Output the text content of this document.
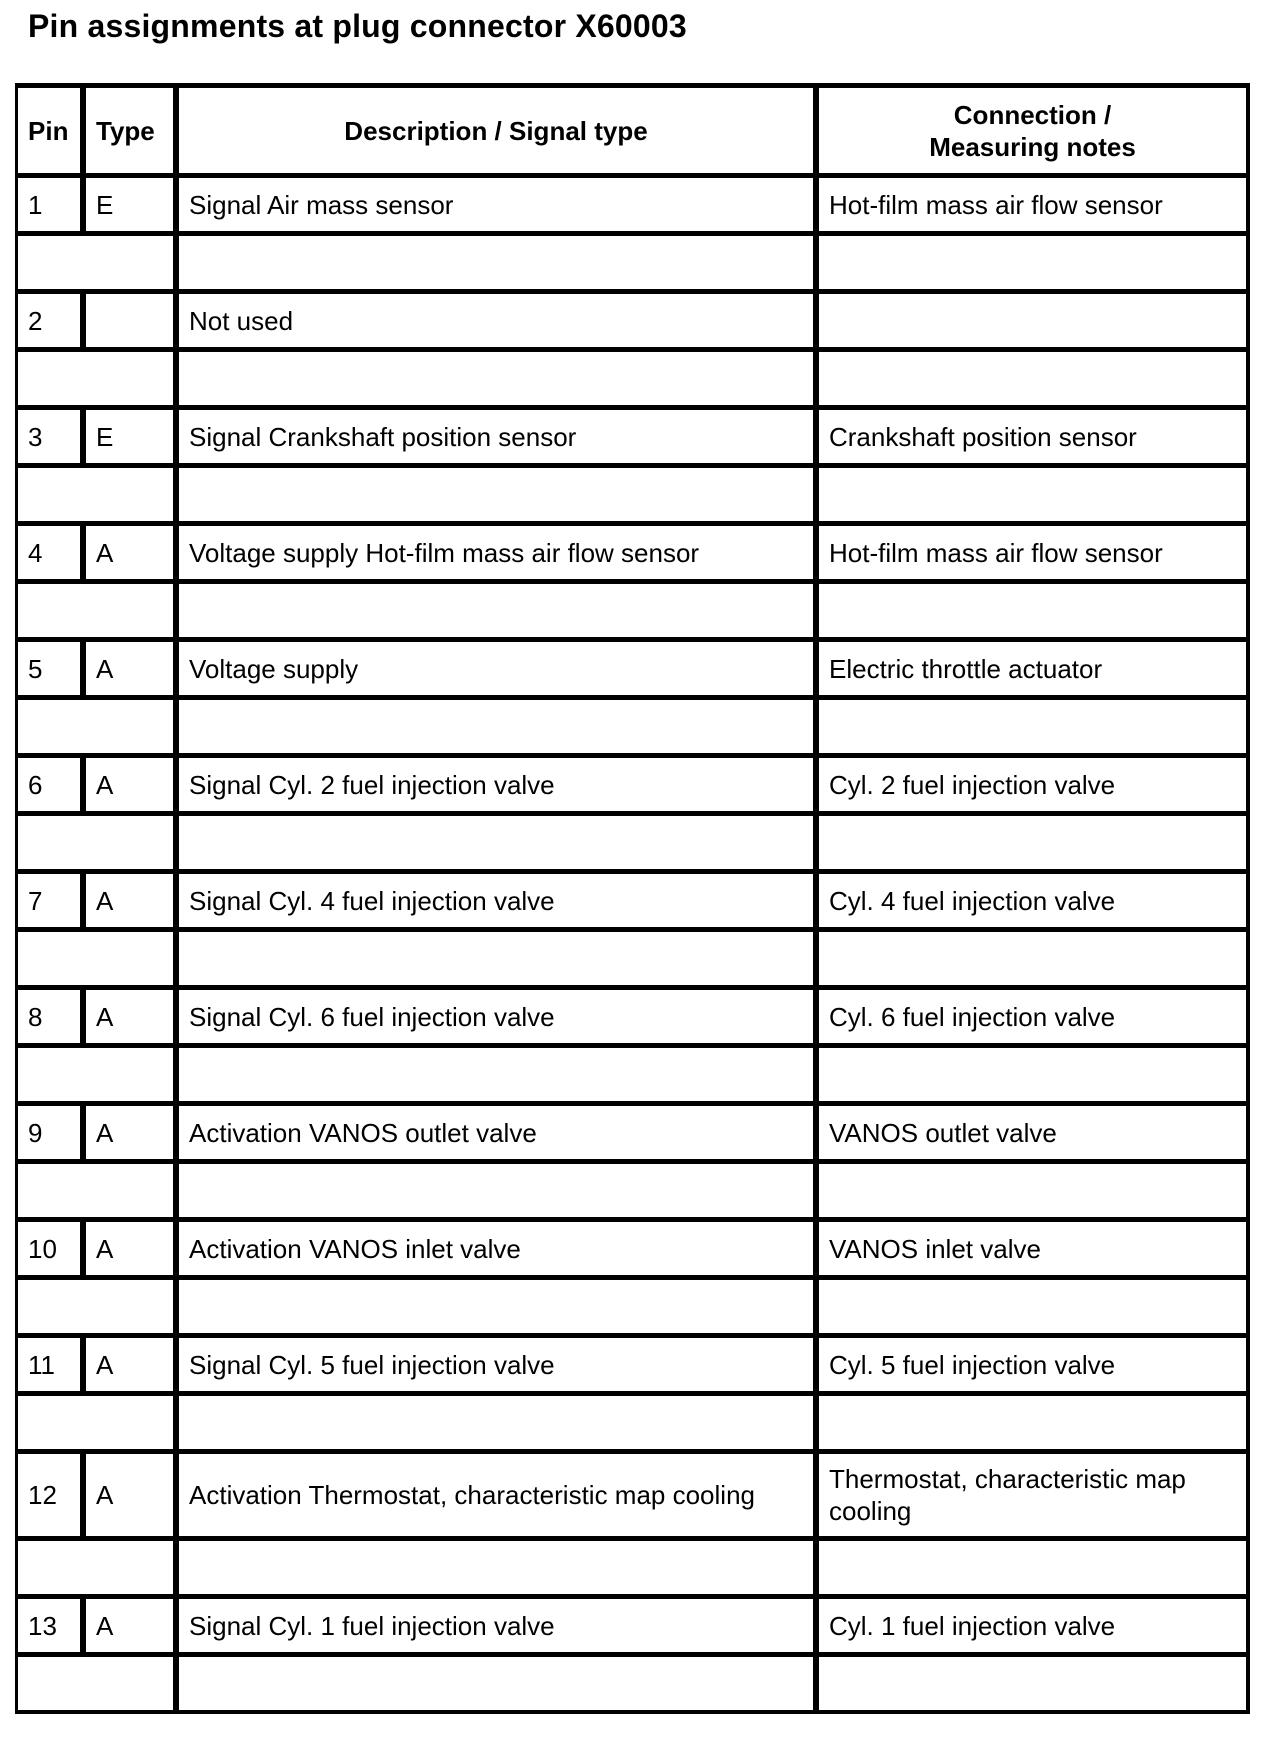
Pin assignments at plug connector X60003
Pin	Type	Description / Signal type	Connection /
Measuring notes

1	E	Signal Air mass sensor	Hot-film mass air flow sensor

2		Not used	

3	E	Signal Crankshaft position sensor	Crankshaft position sensor

4	A	Voltage supply Hot-film mass air flow sensor	Hot-film mass air flow sensor

5	A	Voltage supply	Electric throttle actuator

6	A	Signal Cyl. 2 fuel injection valve	Cyl. 2 fuel injection valve

7	A	Signal Cyl. 4 fuel injection valve	Cyl. 4 fuel injection valve

8	A	Signal Cyl. 6 fuel injection valve	Cyl. 6 fuel injection valve

9	A	Activation VANOS outlet valve	VANOS outlet valve

10	A	Activation VANOS inlet valve	VANOS inlet valve

11	A	Signal Cyl. 5 fuel injection valve	Cyl. 5 fuel injection valve

12	A	Activation Thermostat, characteristic map cooling	Thermostat, characteristic map cooling

13	A	Signal Cyl. 1 fuel injection valve	Cyl. 1 fuel injection valve
